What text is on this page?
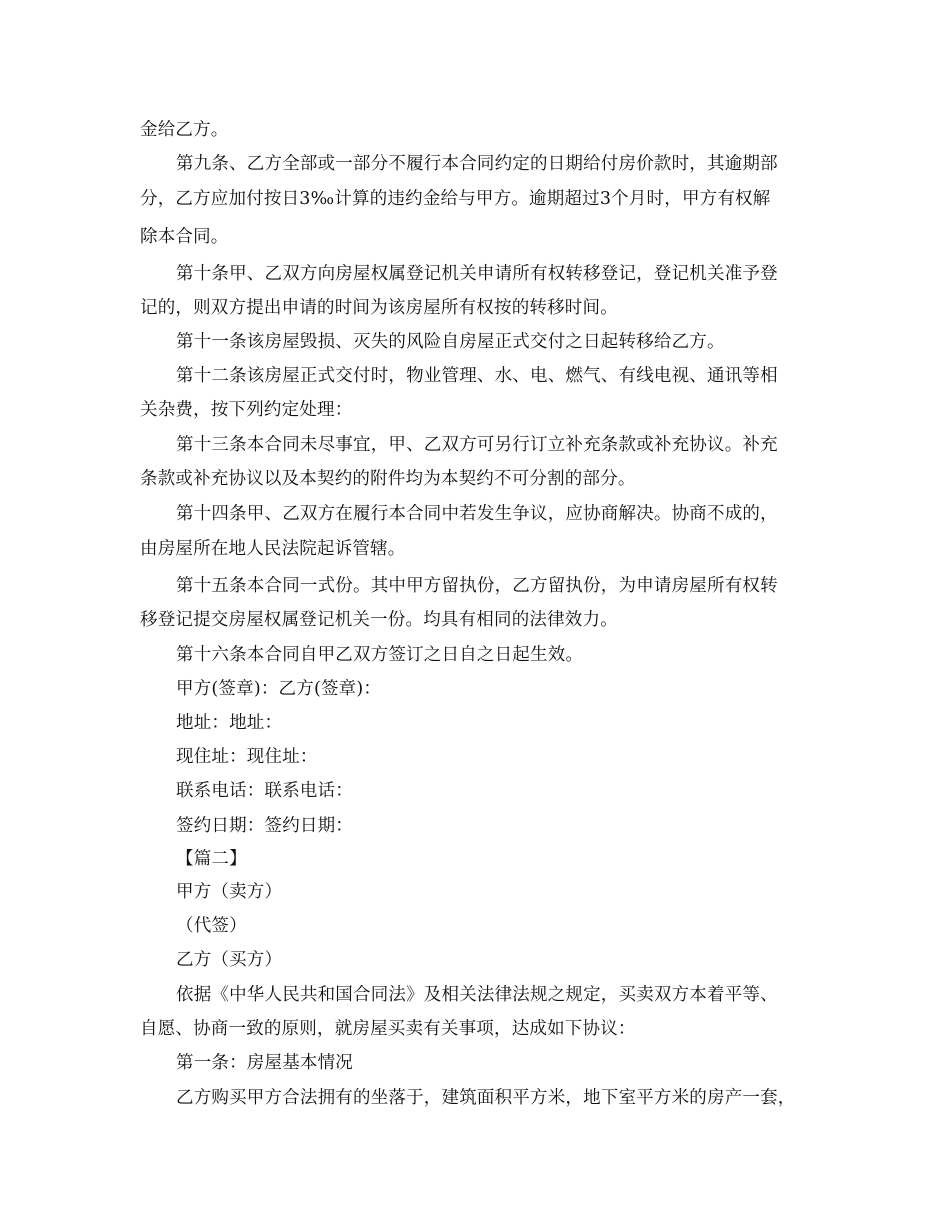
金给乙方。
第九条、乙方全部或一部分不履行本合同约定的日期给付房价款时，其逾期部
分，乙方应加付按日3‰计算的违约金给与甲方。逾期超过3个月时，甲方有权解
除本合同。
第十条甲、乙双方向房屋权属登记机关申请所有权转移登记，登记机关准予登
记的，则双方提出申请的时间为该房屋所有权按的转移时间。
第十一条该房屋毁损、灭失的风险自房屋正式交付之日起转移给乙方。
第十二条该房屋正式交付时，物业管理、水、电、燃气、有线电视、通讯等相
关杂费，按下列约定处理：
第十三条本合同未尽事宜，甲、乙双方可另行订立补充条款或补充协议。补充
条款或补充协议以及本契约的附件均为本契约不可分割的部分。
第十四条甲、乙双方在履行本合同中若发生争议，应协商解决。协商不成的，
由房屋所在地人民法院起诉管辖。
第十五条本合同一式份。其中甲方留执份，乙方留执份，为申请房屋所有权转
移登记提交房屋权属登记机关一份。均具有相同的法律效力。
第十六条本合同自甲乙双方签订之日自之日起生效。
甲方(签章)：乙方(签章)：
地址：地址：
现住址：现住址：
联系电话：联系电话：
签约日期：签约日期：
【篇二】
甲方（卖方）
（代签）
乙方（买方）
依据《中华人民共和国合同法》及相关法律法规之规定，买卖双方本着平等、
自愿、协商一致的原则，就房屋买卖有关事项，达成如下协议：
第一条：房屋基本情况
乙方购买甲方合法拥有的坐落于，建筑面积平方米，地下室平方米的房产一套，
